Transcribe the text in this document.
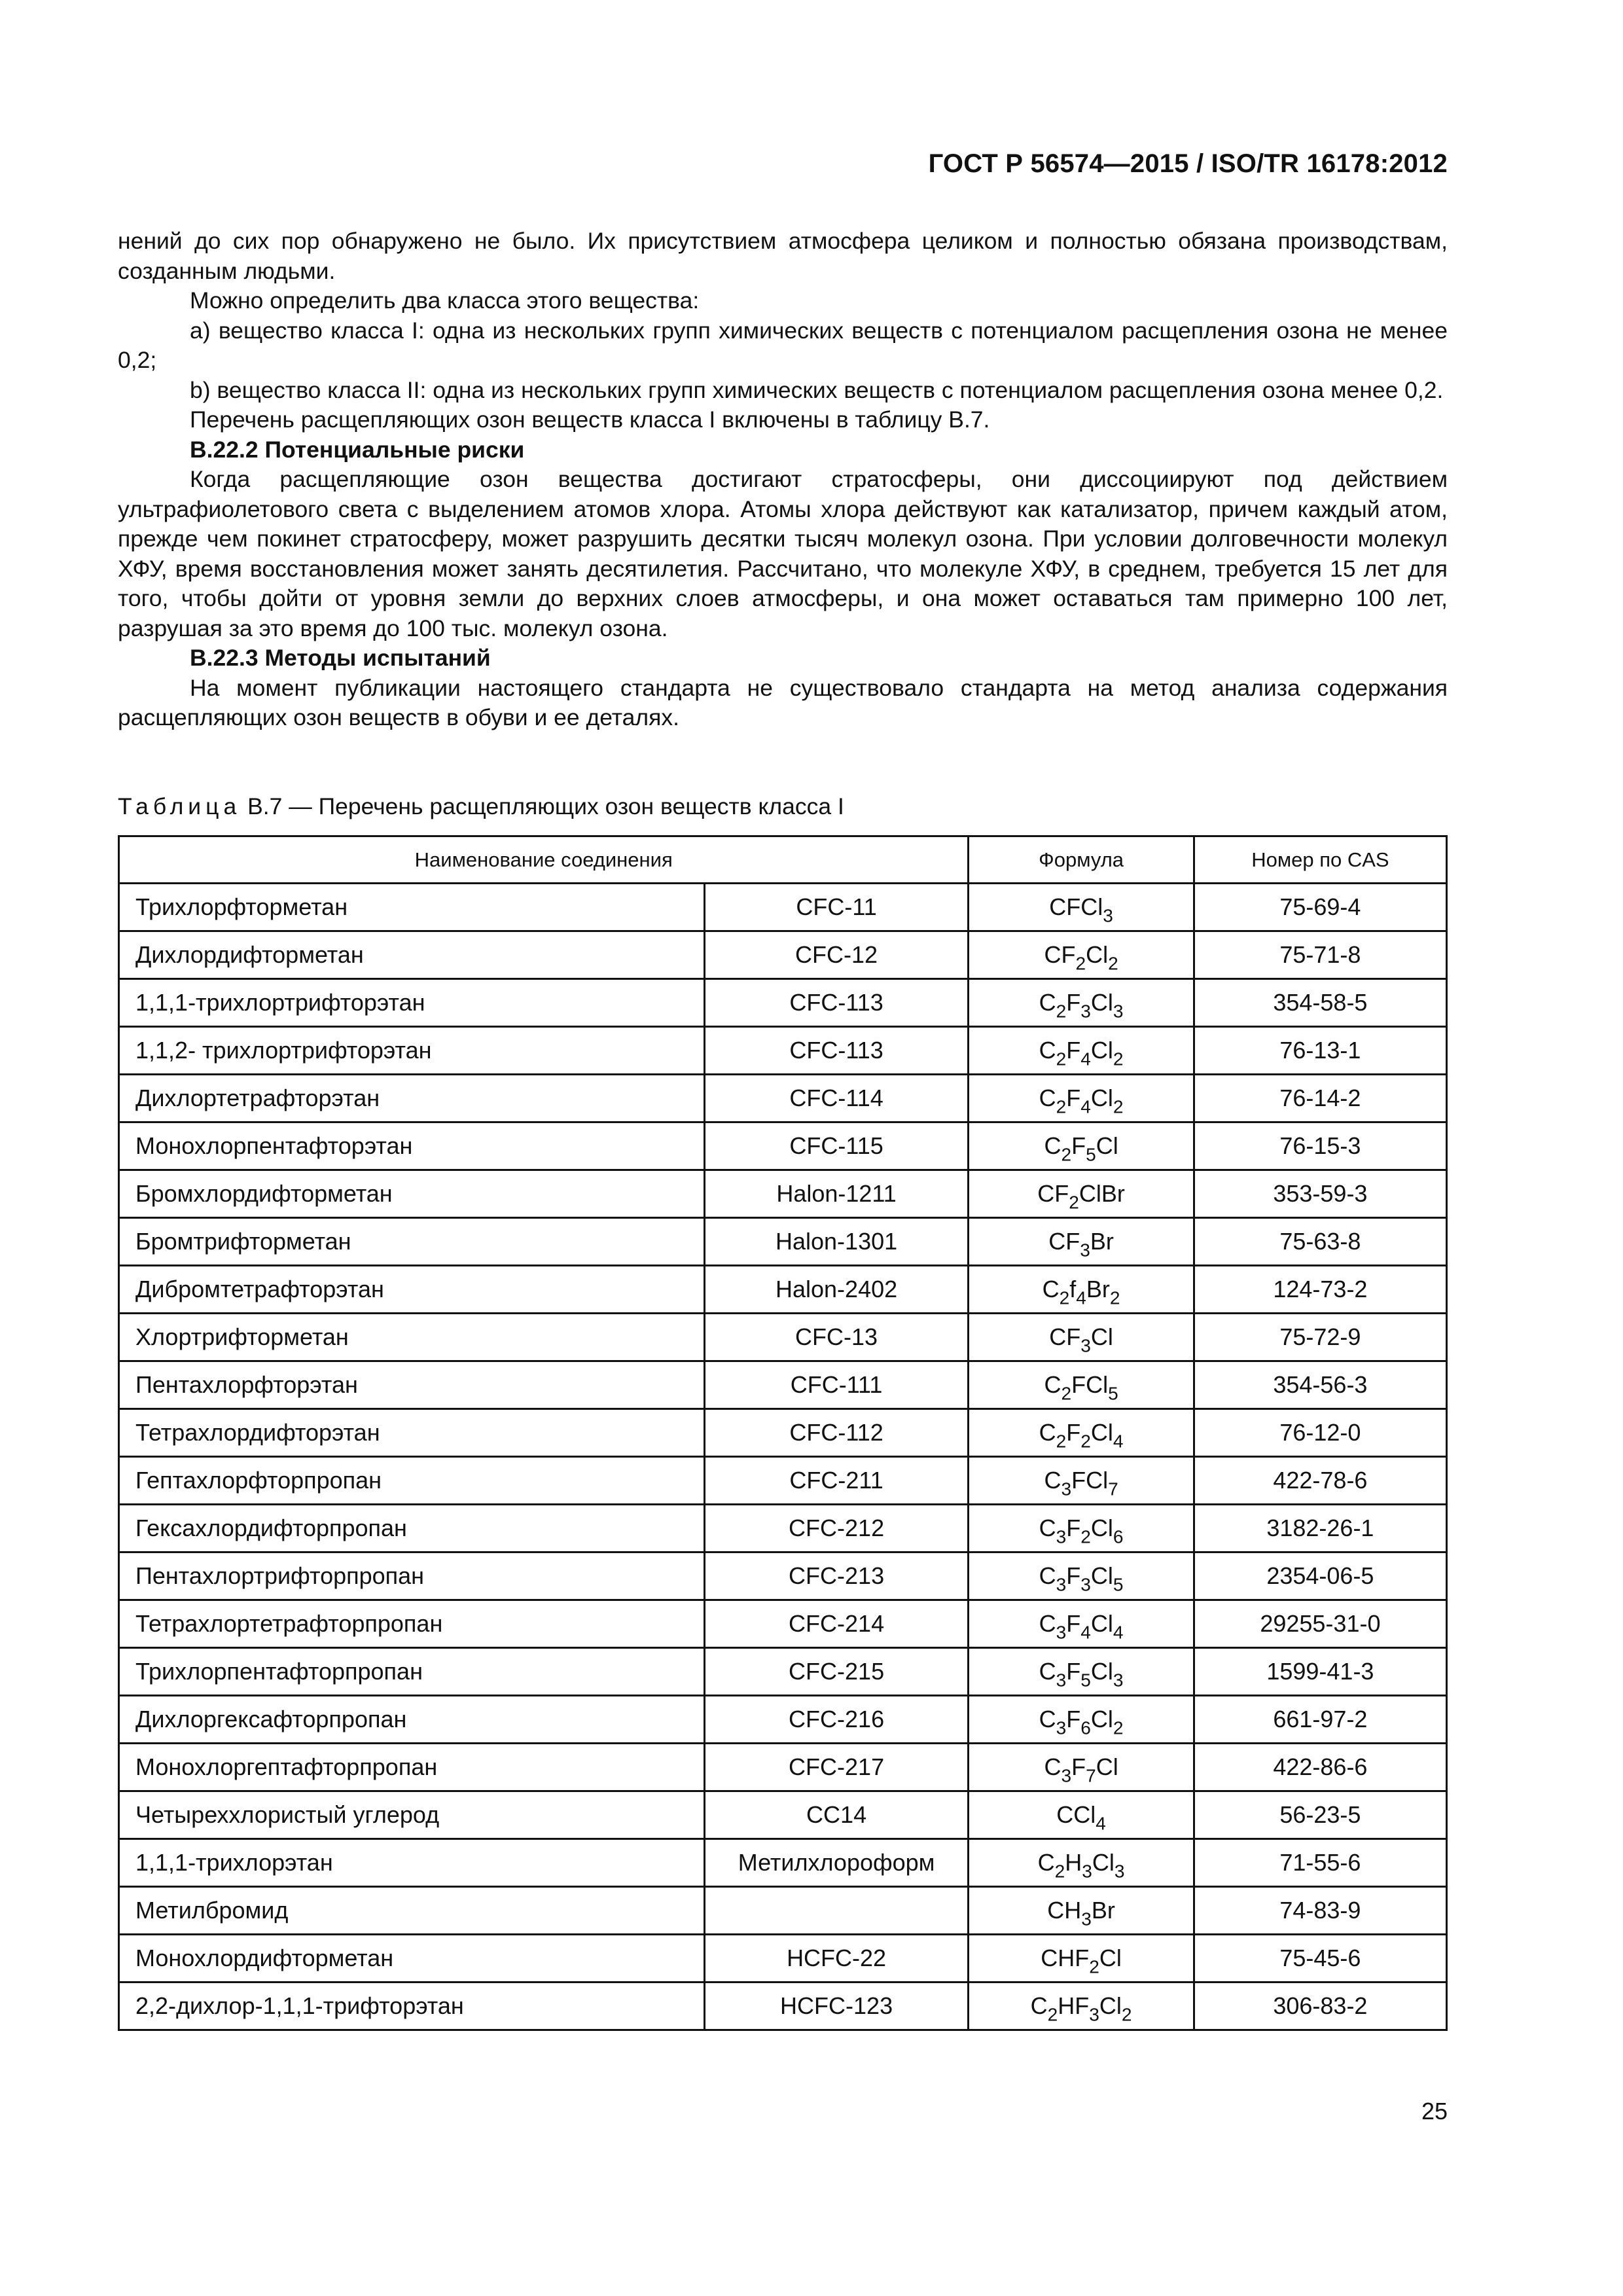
ГОСТ Р 56574—2015 / ISO/TR 16178:2012

нений до сих пор обнаружено не было. Их присутствием атмосфера целиком и полностью обязана производствам, созданным людьми.

Можно определить два класса этого вещества:

a) вещество класса I: одна из нескольких групп химических веществ с потенциалом расщепления озона не менее 0,2;

b) вещество класса II: одна из нескольких групп химических веществ с потенциалом расщепления озона менее 0,2.

Перечень расщепляющих озон веществ класса I включены в таблицу В.7.

В.22.2 Потенциальные риски

Когда расщепляющие озон вещества достигают стратосферы, они диссоциируют под действием ультрафиолетового света с выделением атомов хлора. Атомы хлора действуют как катализатор, причем каждый атом, прежде чем покинет стратосферу, может разрушить десятки тысяч молекул озона. При условии долговечности молекул ХФУ, время восстановления может занять десятилетия. Рассчитано, что молекуле ХФУ, в среднем, требуется 15 лет для того, чтобы дойти от уровня земли до верхних слоев атмосферы, и она может оставаться там примерно 100 лет, разрушая за это время до 100 тыс. молекул озона.

В.22.3 Методы испытаний

На момент публикации настоящего стандарта не существовало стандарта на метод анализа содержания расщепляющих озон веществ в обуви и ее деталях.

Таблица В.7 — Перечень расщепляющих озон веществ класса I
Наименование соединения		Формула	Номер по CAS
Трихлорфторметан	CFC-11	CFCl$_3$	75-69-4
Дихлордифторметан	CFC-12	$CF_2Cl_2$	75-71-8
1,1,1-трихлортрифторэтан	CFC-113	$C_2F_3Cl_3$	354-58-5
1,1,2- трихлортрифторэтан	CFC-113	$C_2F_4Cl_2$	76-13-1
Дихлортетрафторэтан	CFC-114	$C_2F_4Cl_2$	76-14-2
Монохлорпентафторэтан	CFC-115	$C_2F_5Cl$	76-15-3
Бромхлордифторметан	Halon-1211	$CF_2ClBr$	353-59-3
Бромтрифторметан	Halon-1301	$CF_3Br$	75-63-8
Дибромтетрафторэтан	Halon-2402	$C_2f_4Br_2$	124-73-2
Хлортрифторметан	CFC-13	$CF_3Cl$	75-72-9
Пентахлорфторэтан	CFC-111	$C_2FCl_5$	354-56-3
Тетрахлордифторэтан	CFC-112	$C_2F_2Cl_4$	76-12-0
Гептахлорфторпропан	CFC-211	$C_3FCl_7$	422-78-6
Гексахлордифторпропан	CFC-212	$C_3F_2Cl_6$	3182-26-1
Пентахлортрифторпропан	CFC-213	$C_3F_3Cl_5$	2354-06-5
Тетрахлортетрафторпропан	CFC-214	$C_3F_4Cl_4$	29255-31-0
Трихлорпентафторпропан	CFC-215	$C_3F_5Cl_3$	1599-41-3
Дихлоргексафторпропан	CFC-216	$C_3F_6Cl_2$	661-97-2
Монохлоргептафторпропан	CFC-217	$C_3F_7Cl$	422-86-6
Четыреххлористый углерод	CC14	CCl$_4$	56-23-5
1,1,1-трихлорэтан	Метилхлороформ	$C_2H_3Cl_3$	71-55-6
Метилбромид		$CH_3Br$	74-83-9
Монохлордифторметан	HCFC-22	$CHF_2Cl$	75-45-6
2,2-дихлор-1,1,1-трифторэтан	HCFC-123	$C_2HF_3Cl_2$	306-83-2
25
